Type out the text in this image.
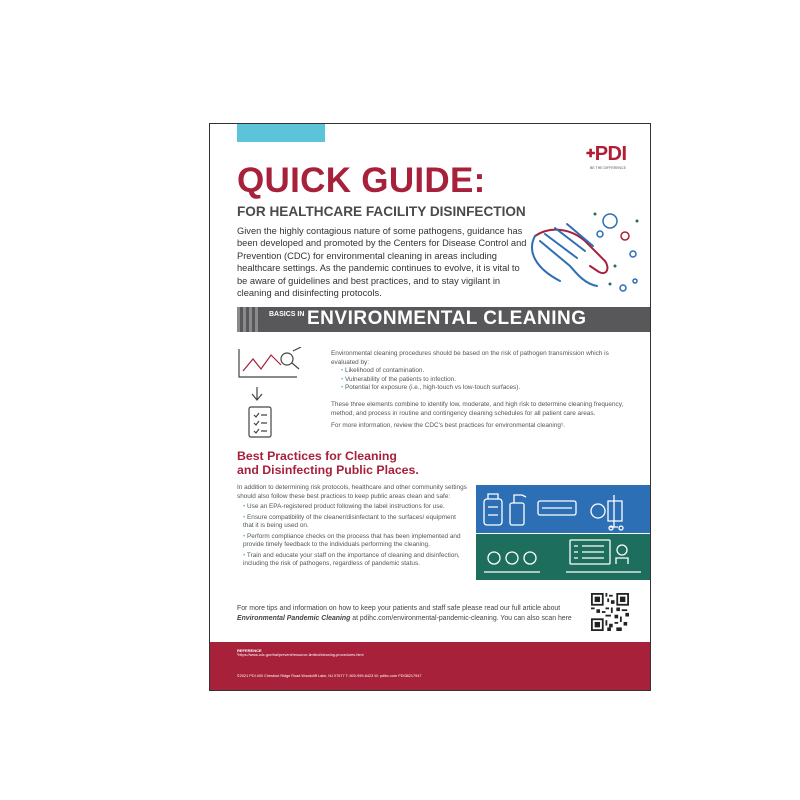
✚PDI
BE THE DIFFERENCE
QUICK GUIDE:
FOR HEALTHCARE FACILITY DISINFECTION
Given the highly contagious nature of some pathogens, guidance has been developed and promoted by the Centers for Disease Control and Prevention (CDC) for environmental cleaning in areas including healthcare settings. As the pandemic continues to evolve, it is vital to be aware of guidelines and best practices, and to stay vigilant in cleaning and disinfecting protocols.
BASICS IN ENVIRONMENTAL CLEANING

Environmental cleaning procedures should be based on the risk of pathogen transmission which is evaluated by:

• Likelihood of contamination.
• Vulnerability of the patients to infection.
• Potential for exposure (i.e., high-touch vs low-touch surfaces).

These three elements combine to identify low, moderate, and high risk to determine cleaning frequency, method, and process in routine and contingency cleaning schedules for all patient care areas.

For more information, review the CDC's best practices for environmental cleaning¹.

Best Practices for Cleaning
and Disinfecting Public Places.

In addition to determining risk protocols, healthcare and other community settings should also follow these best practices to keep public areas clean and safe:

• Use an EPA-registered product following the label instructions for use.
• Ensure compatibility of the cleaner/disinfectant to the surfaces/ equipment that it is being used on.
• Perform compliance checks on the process that has been implemented and provide timely feedback to the individuals performing the cleaning.
• Train and educate your staff on the importance of cleaning and disinfection, including the risk of pathogens, regardless of pandemic status.
For more tips and information on how to keep your patients and staff safe please read our full article about Environmental Pandemic Cleaning at pdihc.com/environmental-pandemic-cleaning. You can also scan here
REFERENCE
¹https://www.cdc.gov/hai/prevent/resource-limited/cleaning-procedures.html
©2021 PDI 400 Chestnut Ridge Road Woodcliff Lake, NJ 07677 T: 800-999-6423 W: pdihc.com PDI38217947
